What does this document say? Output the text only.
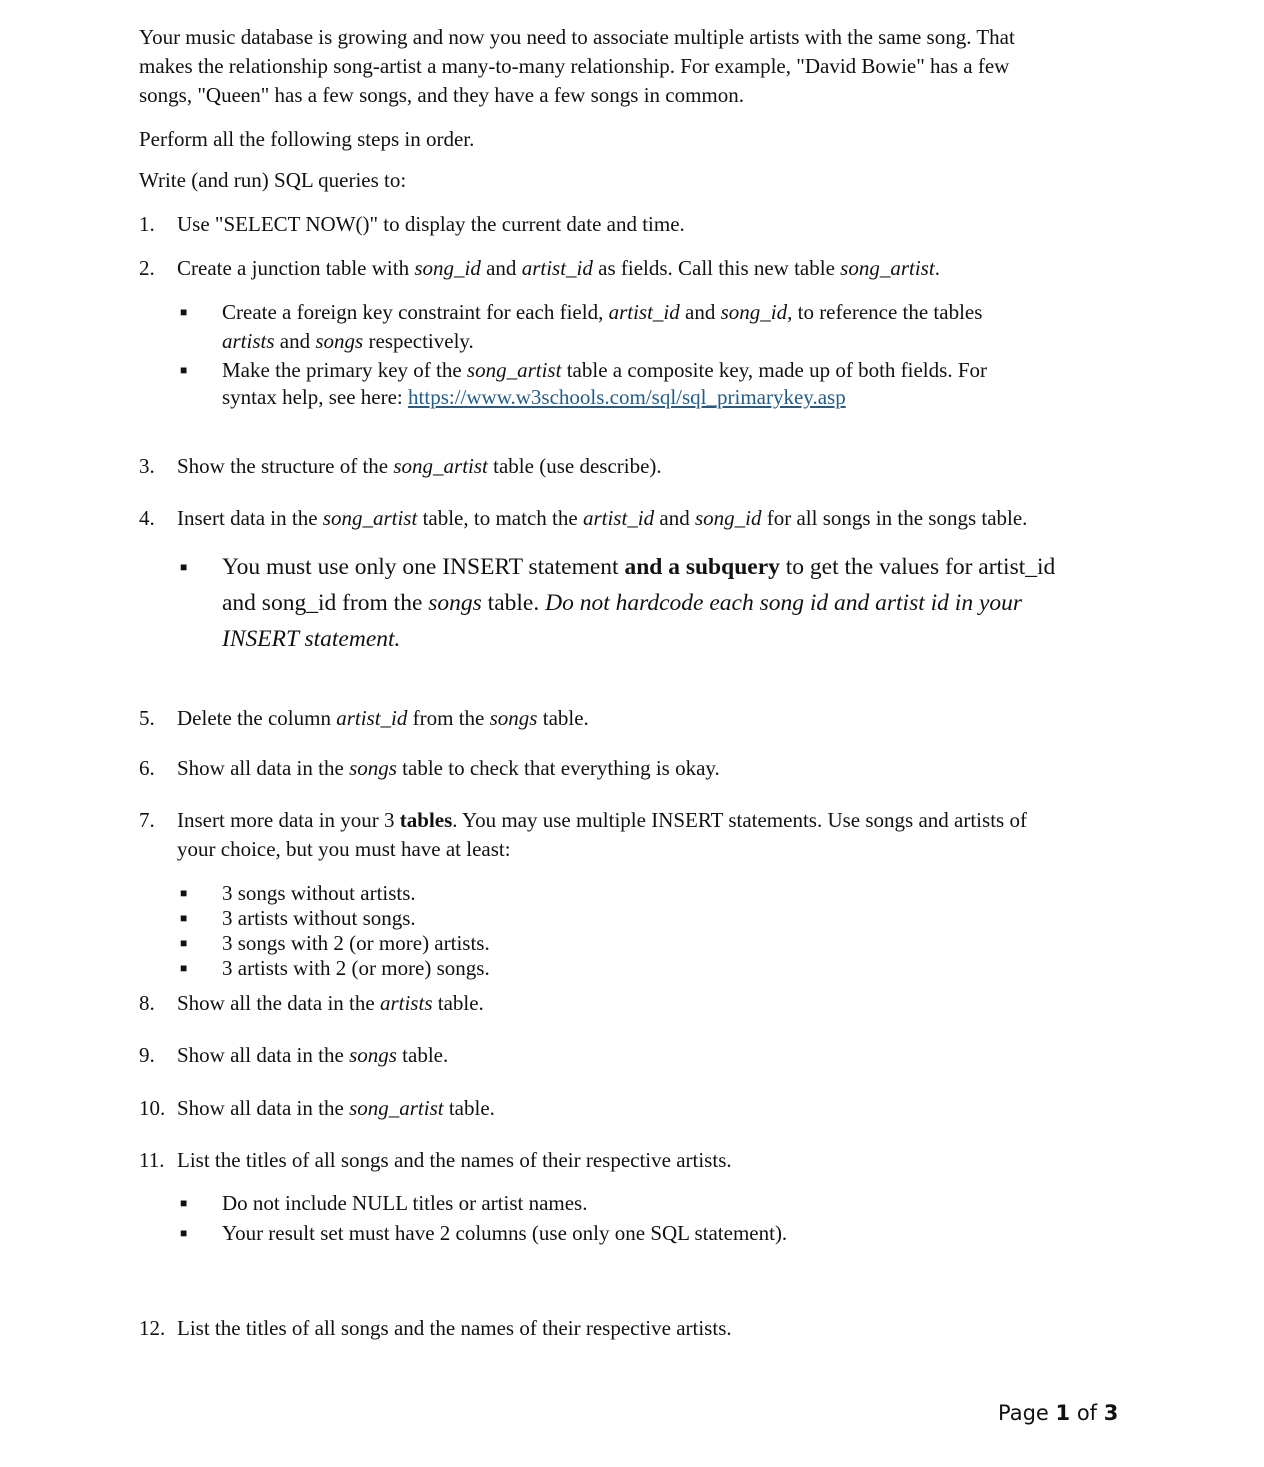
Your music database is growing and now you need to associate multiple artists with the same song. That
makes the relationship song-artist a many-to-many relationship. For example, "David Bowie" has a few
songs, "Queen" has a few songs, and they have a few songs in common.
Perform all the following steps in order.
Write (and run) SQL queries to:
1. Use "SELECT NOW()" to display the current date and time.
2. Create a junction table with song_id and artist_id as fields. Call this new table song_artist.
■ Create a foreign key constraint for each field, artist_id and song_id, to reference the tables
artists and songs respectively.
■ Make the primary key of the song_artist table a composite key, made up of both fields. For
syntax help, see here: https://www.w3schools.com/sql/sql_primarykey.asp
3. Show the structure of the song_artist table (use describe).
4. Insert data in the song_artist table, to match the artist_id and song_id for all songs in the songs table.
■ You must use only one INSERT statement and a subquery to get the values for artist_id
and song_id from the songs table. Do not hardcode each song id and artist id in your
INSERT statement.
5. Delete the column artist_id from the songs table.
6. Show all data in the songs table to check that everything is okay.
7. Insert more data in your 3 tables. You may use multiple INSERT statements. Use songs and artists of
your choice, but you must have at least:
■ 3 songs without artists.
■ 3 artists without songs.
■ 3 songs with 2 (or more) artists.
■ 3 artists with 2 (or more) songs.
8. Show all the data in the artists table.
9. Show all data in the songs table.
10. Show all data in the song_artist table.
11. List the titles of all songs and the names of their respective artists.
■ Do not include NULL titles or artist names.
■ Your result set must have 2 columns (use only one SQL statement).
12. List the titles of all songs and the names of their respective artists.
Page 1 of 3
